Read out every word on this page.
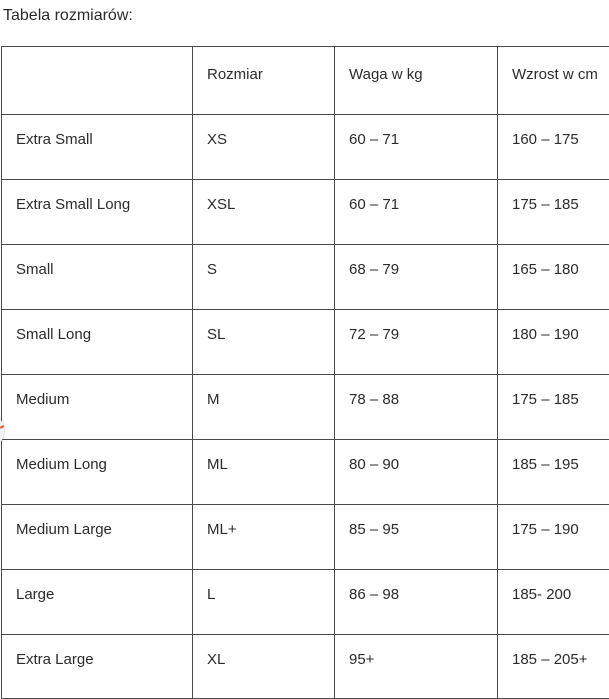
Tabela rozmiarów:
	Rozmiar	Waga w kg	Wzrost w cm
Extra Small	XS	60 – 71	160 – 175
Extra Small Long	XSL	60 – 71	175 – 185
Small	S	68 – 79	165 – 180
Small Long	SL	72 – 79	180 – 190
Medium	M	78 – 88	175 – 185
Medium Long	ML	80 – 90	185 – 195
Medium Large	ML+	85 – 95	175 – 190
Large	L	86 – 98	185- 200
Extra Large	XL	95+	185 – 205+
